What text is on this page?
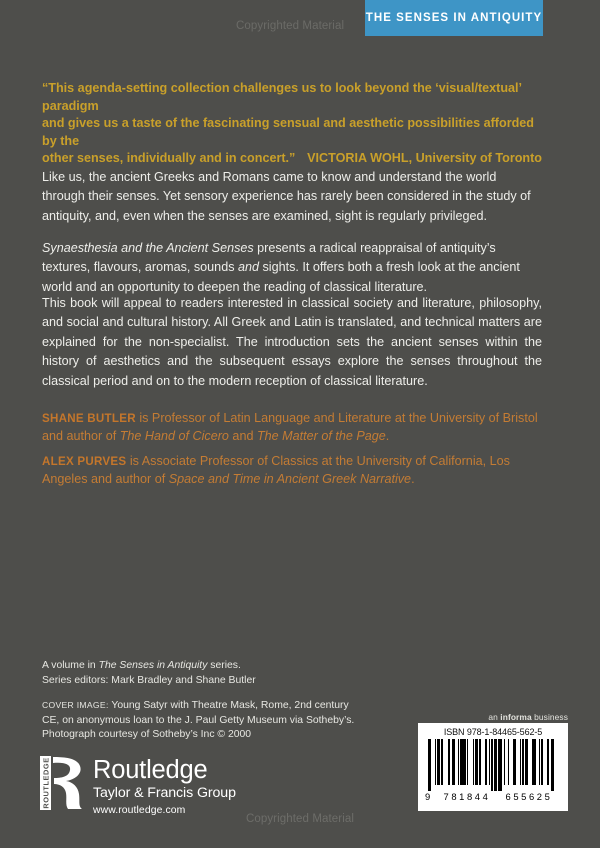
Copyrighted Material
THE SENSES IN ANTIQUITY
“This agenda-setting collection challenges us to look beyond the ‘visual/textual’ paradigm
and gives us a taste of the fascinating sensual and aesthetic possibilities afforded by the
other senses, individually and in concert.” VICTORIA WOHL, University of Toronto

Like us, the ancient Greeks and Romans came to know and understand the world through their senses. Yet sensory experience has rarely been considered in the study of antiquity, and, even when the senses are examined, sight is regularly privileged.

Synaesthesia and the Ancient Senses presents a radical reappraisal of antiquity’s textures, flavours, aromas, sounds and sights. It offers both a fresh look at the ancient world and an opportunity to deepen the reading of classical literature.

This book will appeal to readers interested in classical society and literature, philosophy, and social and cultural history. All Greek and Latin is translated, and technical matters are explained for the non-specialist. The introduction sets the ancient senses within the history of aesthetics and the subsequent essays explore the senses throughout the classical period and on to the modern reception of classical literature.

SHANE BUTLER is Professor of Latin Language and Literature at the University of Bristol and author of The Hand of Cicero and The Matter of the Page.

ALEX PURVES is Associate Professor of Classics at the University of California, Los Angeles and author of Space and Time in Ancient Greek Narrative.

A volume in The Senses in Antiquity series.
Series editors: Mark Bradley and Shane Butler
COVER IMAGE: Young Satyr with Theatre Mask, Rome, 2nd century
CE, on anonymous loan to the J. Paul Getty Museum via Sotheby’s.
Photograph courtesy of Sotheby’s Inc © 2000
ROUTLEDGE Routledge
Taylor & Francis Group
www.routledge.com
an informa business
ISBN 978-1-84465-562-5
9	781844	655625
Copyrighted Material
